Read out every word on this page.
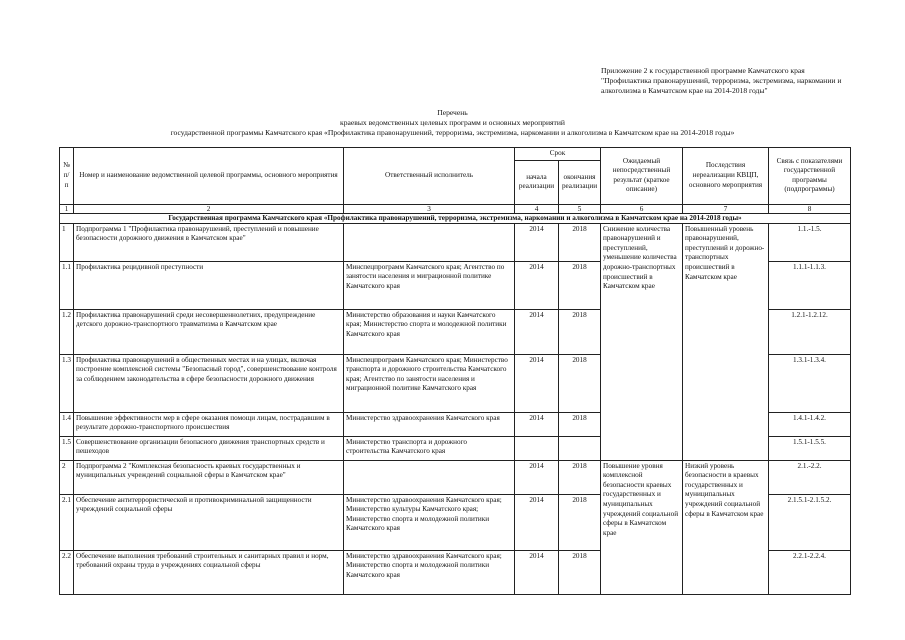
Приложение 2 к государственной программе Камчатского края "Профилактика правонарушений, терроризма, экстремизма, наркомании и алкоголизма в Камчатском крае на 2014-2018 годы"
Перечень
краевых ведомственных целевых программ и основных мероприятий
государственной программы Камчатского края «Профилактика правонарушений, терроризма, экстремизма, наркомании и алкоголизма в Камчатском крае на 2014-2018 годы»
№ п/п	Номер и наименование ведомственной целевой программы, основного мероприятия	Ответственный исполнитель	Срок		Ожидаемый непосредственный результат (краткое описание)	Последствия нереализации КВЦП, основного мероприятия	Связь с показателями государственной программы (подпрограммы)
			начала реализации	окончания реализации			
1	2	3	4	5	6	7	8
Государственная программа Камчатского края «Профилактика правонарушений, терроризма, экстремизма, наркомании и алкоголизма в Камчатском крае на 2014-2018 годы»							
1	Подпрограмма 1 "Профилактика правонарушений, преступлений и повышение безопасности дорожного движения в Камчатском крае"		2014	2018	Снижение количества правонарушений и преступлений, уменьшение количества дорожно-транспортных происшествий в Камчатском крае	Повышенный уровень правонарушений, преступлений и дорожно-транспортных происшествий в Камчатском крае	1.1.-1.5.
1.1	Профилактика рецидивной преступности	Минспецпрограмм Камчатского края; Агентство по занятости населения и миграционной политике Камчатского края	2014	2018			1.1.1-1.1.3.
1.2	Профилактика правонарушений среди несовершеннолетних, предупреждение детского дорожно-транспортного травматизма в Камчатском крае	Министерство образования и науки Камчатского края; Министерство спорта и молодежной политики Камчатского края	2014	2018			1.2.1-1.2.12.
1.3	Профилактика правонарушений в общественных местах и на улицах, включая построение комплексной системы "Безопасный город", совершенствование контроля за соблюдением законодательства в сфере безопасности дорожного движения	Минспецпрограмм Камчатского края; Министерство транспорта и дорожного строительства Камчатского края; Агентство по занятости населения и миграционной политике Камчатского края	2014	2018			1.3.1-1.3.4.
1.4	Повышение эффективности мер в сфере оказания помощи лицам, пострадавшим в результате дорожно-транспортного происшествия	Министерство здравоохранения Камчатского края	2014	2018			1.4.1-1.4.2.
1.5	Совершенствование организации безопасного движения транспортных средств и пешеходов	Министерство транспорта и дорожного строительства Камчатского края					1.5.1-1.5.5.
2	Подпрограмма 2 "Комплексная безопасность краевых государственных и муниципальных учреждений социальной сферы в Камчатском крае"		2014	2018	Повышение уровня комплексной безопасности краевых государственных и муниципальных учреждений социальной сферы в Камчатском крае	Низкий уровень безопасности в краевых государственных и муниципальных учреждений социальной сферы в Камчатском крае	2.1.-2.2.
2.1	Обеспечение антитеррористической и противокриминальной защищенности учреждений социальной сферы	Министерство здравоохранения Камчатского края; Министерство культуры Камчатского края; Министерство спорта и молодежной политики Камчатского края	2014	2018			2.1.5.1-2.1.5.2.
2.2	Обеспечение выполнения требований строительных и санитарных правил и норм, требований охраны труда в учреждениях социальной сферы	Министерство здравоохранения Камчатского края; Министерство спорта и молодежной политики Камчатского края	2014	2018			2.2.1-2.2.4.
